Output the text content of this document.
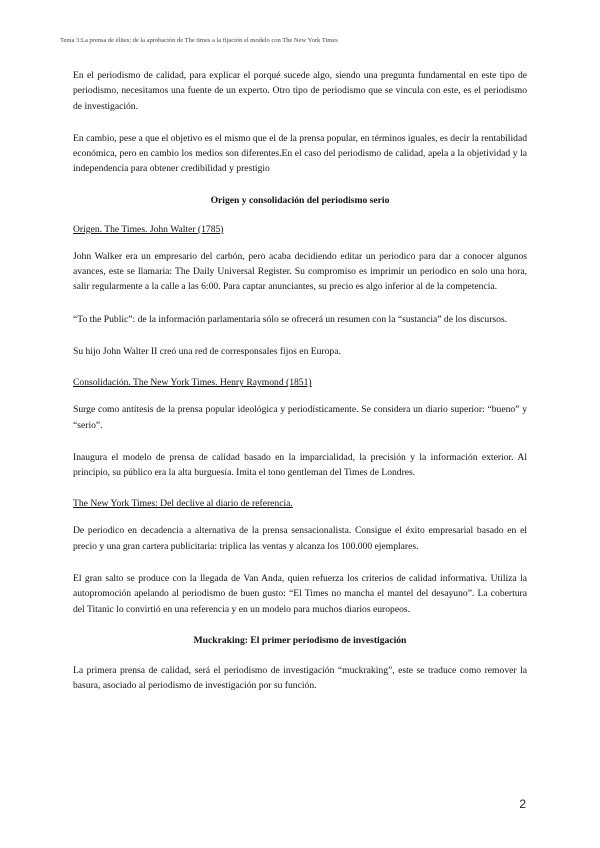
Tema 3:La prensa de élites; de la aprobación de The times a la fijación el modelo con The New York Times

En el periodismo de calidad, para explicar el porqué sucede algo, siendo una pregunta fundamental en este tipo de periodismo, necesitamos una fuente de un experto. Otro tipo de periodismo que se vincula con este, es el periodismo de investigación.

En cambio, pese a que el objetivo es el mismo que el de la prensa popular, en términos iguales, es decir la rentabilidad económica, pero en cambio los medios son diferentes.En el caso del periodismo de calidad, apela a la objetividad y la independencia para obtener credibilidad y prestigio

Origen y consolidación del periodismo serio
Origen. The Times. John Walter (1785)

John Walker era un empresario del carbón, pero acaba decidiendo editar un periodico para dar a conocer algunos avances, este se llamaria: The Daily Universal Register. Su compromiso es imprimir un periodico en solo una hora, salir regularmente a la calle a las 6:00. Para captar anunciantes, su precio es algo inferior al de la competencia.

“To the Public”: de la información parlamentaria sólo se ofrecerá un resumen con la “sustancia” de los discursos.

Su hijo John Walter II creó una red de corresponsales fijos en Europa.

Consolidación. The New York Times. Henry Raymond (1851)

Surge como antítesis de la prensa popular ideológica y periodísticamente. Se considera un diario superior: “bueno” y “serio”.

Inaugura el modelo de prensa de calidad basado en la imparcialidad, la precisión y la información exterior. Al principio, su público era la alta burguesía. Imita el tono gentleman del Times de Londres.

The New York Times: Del declive al diario de referencia.

De periodico en decadencia a alternativa de la prensa sensacionalista. Consigue el éxito empresarial basado en el precio y una gran cartera publicitaria: triplica las ventas y alcanza los 100.000 ejemplares.

El gran salto se produce con la llegada de Van Anda, quien refuerza los criterios de calidad informativa. Utiliza la autopromoción apelando al periodismo de buen gusto: “El Times no mancha el mantel del desayuno”. La cobertura del Titanic lo convirtió en una referencia y en un modelo para muchos diarios europeos.

Muckraking: El primer periodismo de investigación

La primera prensa de calidad, será el periodismo de investigación “muckraking”, este se traduce como remover la basura, asociado al periodismo de investigación por su función.

2
